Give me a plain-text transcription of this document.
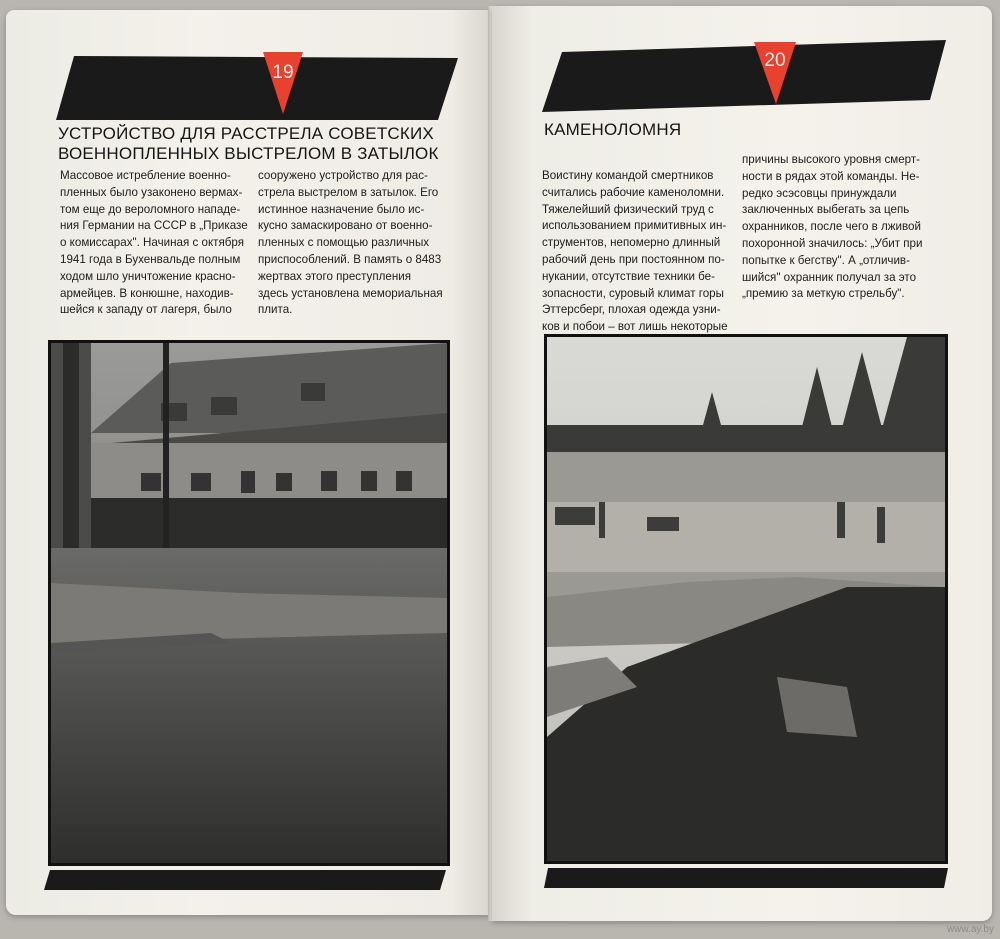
19
УСТРОЙСТВО ДЛЯ РАССТРЕЛА СОВЕТСКИХ
ВОЕННОПЛЕННЫХ ВЫСТРЕЛОМ В ЗАТЫЛОК
Массовое истребление военно-
пленных было узаконено вермах-
том еще до вероломного нападе-
ния Германии на СССР в „Приказе
о комиссарах". Начиная с октября
1941 года в Бухенвальде полным
ходом шло уничтожение красно-
армейцев. В конюшне, находив-
шейся к западу от лагеря, было
сооружено устройство для рас-
стрела выстрелом в затылок. Его
истинное назначение было ис-
кусно замаскировано от военно-
пленных с помощью различных
приспособлений. В память о 8483
жертвах этого преступления
здесь установлена мемориальная
плита.
20
КАМЕНОЛОМНЯ
Воистину командой смертников
считались рабочие каменоломни.
Тяжелейший физический труд с
использованием примитивных ин-
струментов, непомерно длинный
рабочий день при постоянном по-
нукании, отсутствие техники бе-
зопасности, суровый климат горы
Эттерсберг, плохая одежда узни-
ков и побои – вот лишь некоторые
причины высокого уровня смерт-
ности в рядах этой команды. Не-
редко эсэсовцы принуждали
заключенных выбегать за цепь
охранников, после чего в лживой
похоронной значилось: „Убит при
попытке к бегству". А „отличив-
шийся" охранник получал за это
„премию за меткую стрельбу".
www.ay.by
